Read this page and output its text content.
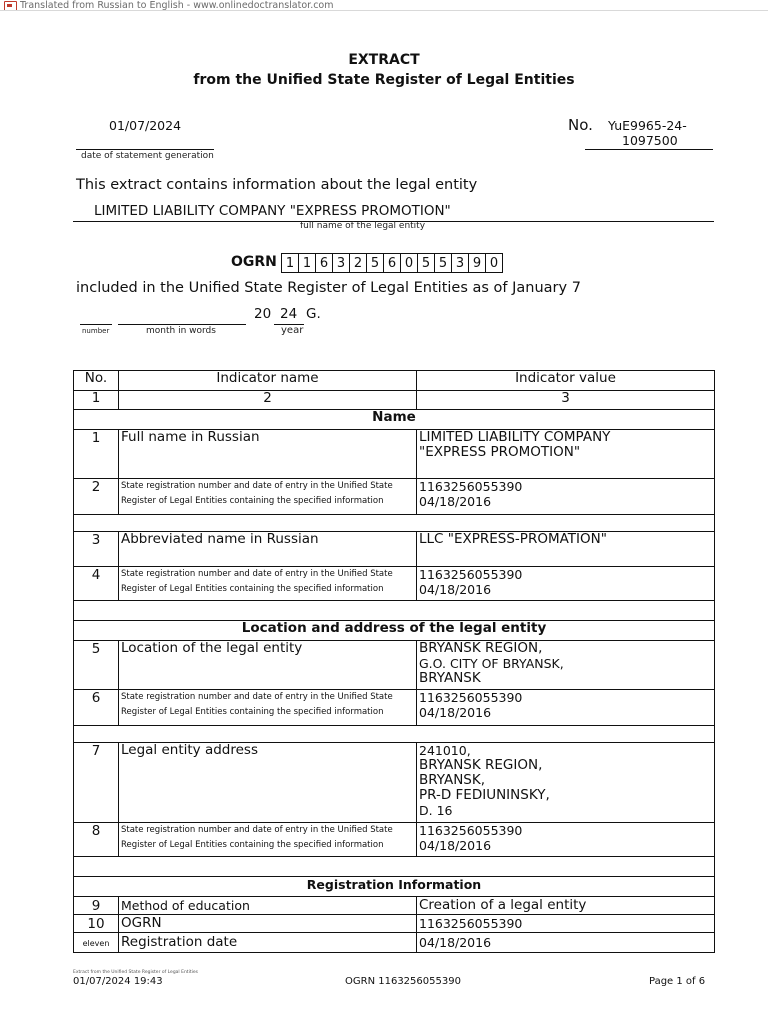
Translated from Russian to English - www.onlinedoctranslator.com
EXTRACT
from the Unified State Register of Legal Entities
01/07/2024
date of statement generation
No. YuE9965-24-
1097500
This extract contains information about the legal entity
LIMITED LIABILITY COMPANY "EXPRESS PROMOTION"
full name of the legal entity
OGRN 1 1 6 3 2 5 6 0 5 5 3 9 0
included in the Unified State Register of Legal Entities as of January 7
20 24 G.
number	month in words	year
No.	Indicator name	Indicator value
1	2	3
Name		
1	Full name in Russian	LIMITED LIABILITY COMPANY
"EXPRESS PROMOTION"

2	State registration number and date of entry in the Unified State
Register of Legal Entities containing the specified information	1163256055390
04/18/2016

3	Abbreviated name in Russian	LLC "EXPRESS-PROMATION"
4	State registration number and date of entry in the Unified State
Register of Legal Entities containing the specified information	1163256055390
04/18/2016

Location and address of the legal entity		
5	Location of the legal entity	BRYANSK REGION,
G.O. CITY OF BRYANSK,
BRYANSK

6	State registration number and date of entry in the Unified State
Register of Legal Entities containing the specified information	1163256055390
04/18/2016

7	Legal entity address	241010,
BRYANSK REGION,
BRYANSK,
PR-D FEDIUNINSKY,
D. 16

8	State registration number and date of entry in the Unified State
Register of Legal Entities containing the specified information	1163256055390
04/18/2016

Registration Information		
9	Method of education	Creation of a legal entity
10	OGRN	1163256055390
eleven	Registration date	04/18/2016
Extract from the Unified State Register of Legal Entities
01/07/2024 19:43	OGRN 1163256055390	Page 1 of 6
